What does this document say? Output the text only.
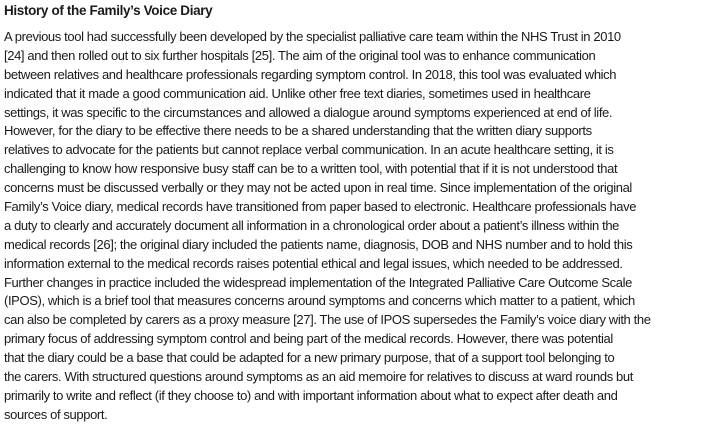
History of the Family’s Voice Diary
A previous tool had successfully been developed by the specialist palliative care team within the NHS Trust in 2010
[24] and then rolled out to six further hospitals [25]. The aim of the original tool was to enhance communication
between relatives and healthcare professionals regarding symptom control. In 2018, this tool was evaluated which
indicated that it made a good communication aid. Unlike other free text diaries, sometimes used in healthcare
settings, it was specific to the circumstances and allowed a dialogue around symptoms experienced at end of life.
However, for the diary to be effective there needs to be a shared understanding that the written diary supports
relatives to advocate for the patients but cannot replace verbal communication. In an acute healthcare setting, it is
challenging to know how responsive busy staff can be to a written tool, with potential that if it is not understood that
concerns must be discussed verbally or they may not be acted upon in real time. Since implementation of the original
Family’s Voice diary, medical records have transitioned from paper based to electronic. Healthcare professionals have
a duty to clearly and accurately document all information in a chronological order about a patient’s illness within the
medical records [26]; the original diary included the patients name, diagnosis, DOB and NHS number and to hold this
information external to the medical records raises potential ethical and legal issues, which needed to be addressed.
Further changes in practice included the widespread implementation of the Integrated Palliative Care Outcome Scale
(IPOS), which is a brief tool that measures concerns around symptoms and concerns which matter to a patient, which
can also be completed by carers as a proxy measure [27]. The use of IPOS supersedes the Family’s voice diary with the
primary focus of addressing symptom control and being part of the medical records. However, there was potential
that the diary could be a base that could be adapted for a new primary purpose, that of a support tool belonging to
the carers. With structured questions around symptoms as an aid memoire for relatives to discuss at ward rounds but
primarily to write and reflect (if they choose to) and with important information about what to expect after death and
sources of support.
